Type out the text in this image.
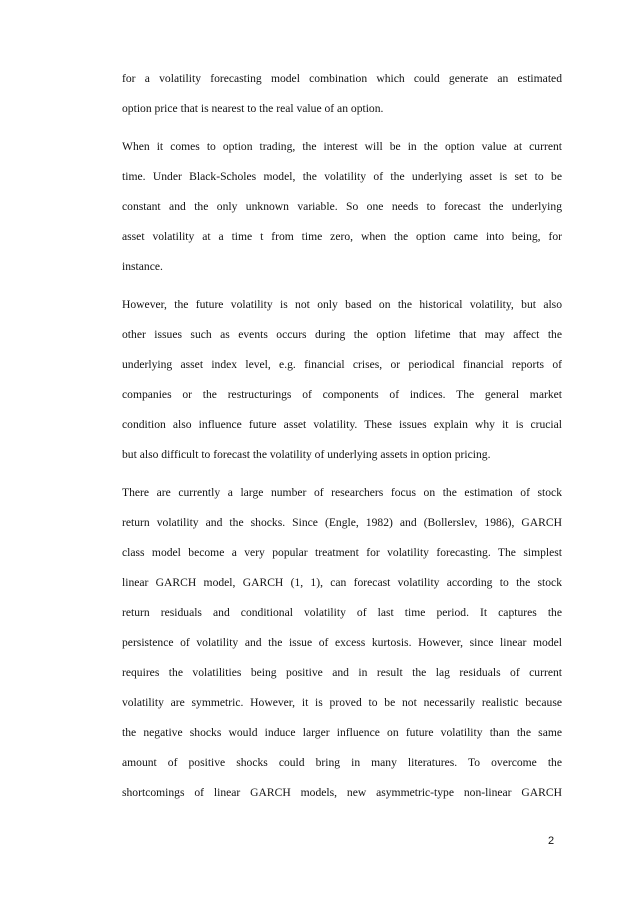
for a volatility forecasting model combination which could generate an estimated
option price that is nearest to the real value of an option.
When it comes to option trading, the interest will be in the option value at current
time. Under Black-Scholes model, the volatility of the underlying asset is set to be
constant and the only unknown variable. So one needs to forecast the underlying
asset volatility at a time t from time zero, when the option came into being, for
instance.
However, the future volatility is not only based on the historical volatility, but also
other issues such as events occurs during the option lifetime that may affect the
underlying asset index level, e.g. financial crises, or periodical financial reports of
companies or the restructurings of components of indices. The general market
condition also influence future asset volatility. These issues explain why it is crucial
but also difficult to forecast the volatility of underlying assets in option pricing.
There are currently a large number of researchers focus on the estimation of stock
return volatility and the shocks. Since (Engle, 1982) and (Bollerslev, 1986), GARCH
class model become a very popular treatment for volatility forecasting. The simplest
linear GARCH model, GARCH (1, 1), can forecast volatility according to the stock
return residuals and conditional volatility of last time period. It captures the
persistence of volatility and the issue of excess kurtosis. However, since linear model
requires the volatilities being positive and in result the lag residuals of current
volatility are symmetric. However, it is proved to be not necessarily realistic because
the negative shocks would induce larger influence on future volatility than the same
amount of positive shocks could bring in many literatures. To overcome the
shortcomings of linear GARCH models, new asymmetric-type non-linear GARCH
2
